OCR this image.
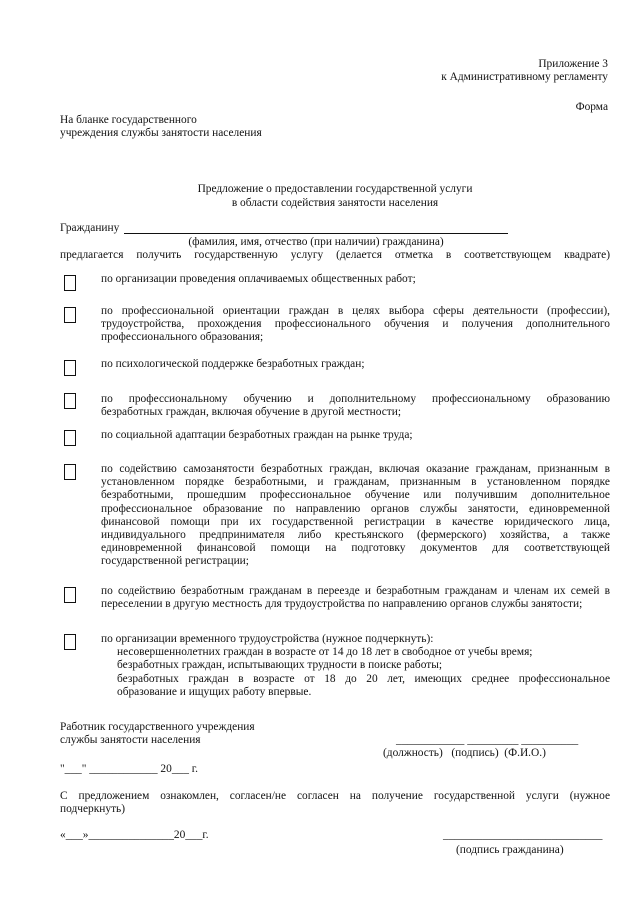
Приложение 3
к Административному регламенту
Форма
На бланке государственного
учреждения службы занятости населения
Предложение о предоставлении государственной услуги
в области содействия занятости населения
Гражданину
(фамилия, имя, отчество (при наличии) гражданина)
предлагается получить государственную услугу (делается отметка в соответствующем квадрате)
по организации проведения оплачиваемых общественных работ;
по профессиональной ориентации граждан в целях выбора сферы деятельности (профессии),
трудоустройства, прохождения профессионального обучения и получения дополнительного
профессионального образования;
по психологической поддержке безработных граждан;
по профессиональному обучению и дополнительному профессиональному образованию
безработных граждан, включая обучение в другой местности;
по социальной адаптации безработных граждан на рынке труда;
по содействию самозанятости безработных граждан, включая оказание гражданам, признанным в
установленном порядке безработными, и гражданам, признанным в установленном порядке
безработными, прошедшим профессиональное обучение или получившим дополнительное
профессиональное образование по направлению органов службы занятости, единовременной
финансовой помощи при их государственной регистрации в качестве юридического лица,
индивидуального предпринимателя либо крестьянского (фермерского) хозяйства, а также
единовременной финансовой помощи на подготовку документов для соответствующей
государственной регистрации;
по содействию безработным гражданам в переезде и безработным гражданам и членам их семей в
переселении в другую местность для трудоустройства по направлению органов службы занятости;
по организации временного трудоустройства (нужное подчеркнуть):
несовершеннолетних граждан в возрасте от 14 до 18 лет в свободное от учебы время;
безработных граждан, испытывающих трудности в поиске работы;
безработных граждан в возрасте от 18 до 20 лет, имеющих среднее профессиональное
образование и ищущих работу впервые.
Работник государственного учреждения
службы занятости населения	____________ _________ __________
(должность)   (подпись)  (Ф.И.О.)
"___" ____________ 20___ г.
С предложением ознакомлен, согласен/не согласен на получение государственной услуги (нужное
подчеркнуть)
«___»_______________20___г.	____________________________
(подпись гражданина)
